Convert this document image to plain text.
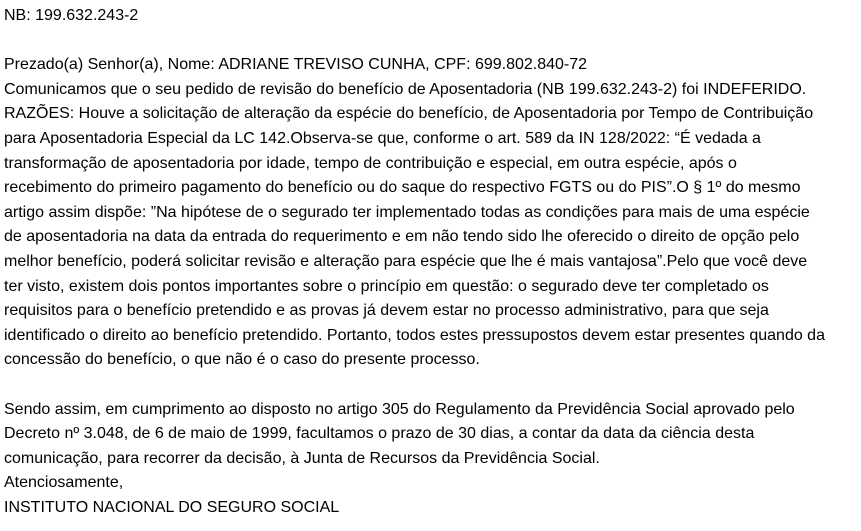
NB: 199.632.243-2
Prezado(a) Senhor(a), Nome: ADRIANE TREVISO CUNHA, CPF: 699.802.840-72
Comunicamos que o seu pedido de revisão do benefício de Aposentadoria (NB 199.632.243-2) foi INDEFERIDO.
RAZÕES: Houve a solicitação de alteração da espécie do benefício, de Aposentadoria por Tempo de Contribuição
para Aposentadoria Especial da LC 142.Observa-se que, conforme o art. 589 da IN 128/2022: “É vedada a
transformação de aposentadoria por idade, tempo de contribuição e especial, em outra espécie, após o
recebimento do primeiro pagamento do benefício ou do saque do respectivo FGTS ou do PIS”.O § 1º do mesmo
artigo assim dispõe: ”Na hipótese de o segurado ter implementado todas as condições para mais de uma espécie
de aposentadoria na data da entrada do requerimento e em não tendo sido lhe oferecido o direito de opção pelo
melhor benefício, poderá solicitar revisão e alteração para espécie que lhe é mais vantajosa”.Pelo que você deve
ter visto, existem dois pontos importantes sobre o princípio em questão: o segurado deve ter completado os
requisitos para o benefício pretendido e as provas já devem estar no processo administrativo, para que seja
identificado o direito ao benefício pretendido. Portanto, todos estes pressupostos devem estar presentes quando da
concessão do benefício, o que não é o caso do presente processo.
Sendo assim, em cumprimento ao disposto no artigo 305 do Regulamento da Previdência Social aprovado pelo
Decreto nº 3.048, de 6 de maio de 1999, facultamos o prazo de 30 dias, a contar da data da ciência desta
comunicação, para recorrer da decisão, à Junta de Recursos da Previdência Social.
Atenciosamente,
INSTITUTO NACIONAL DO SEGURO SOCIAL
